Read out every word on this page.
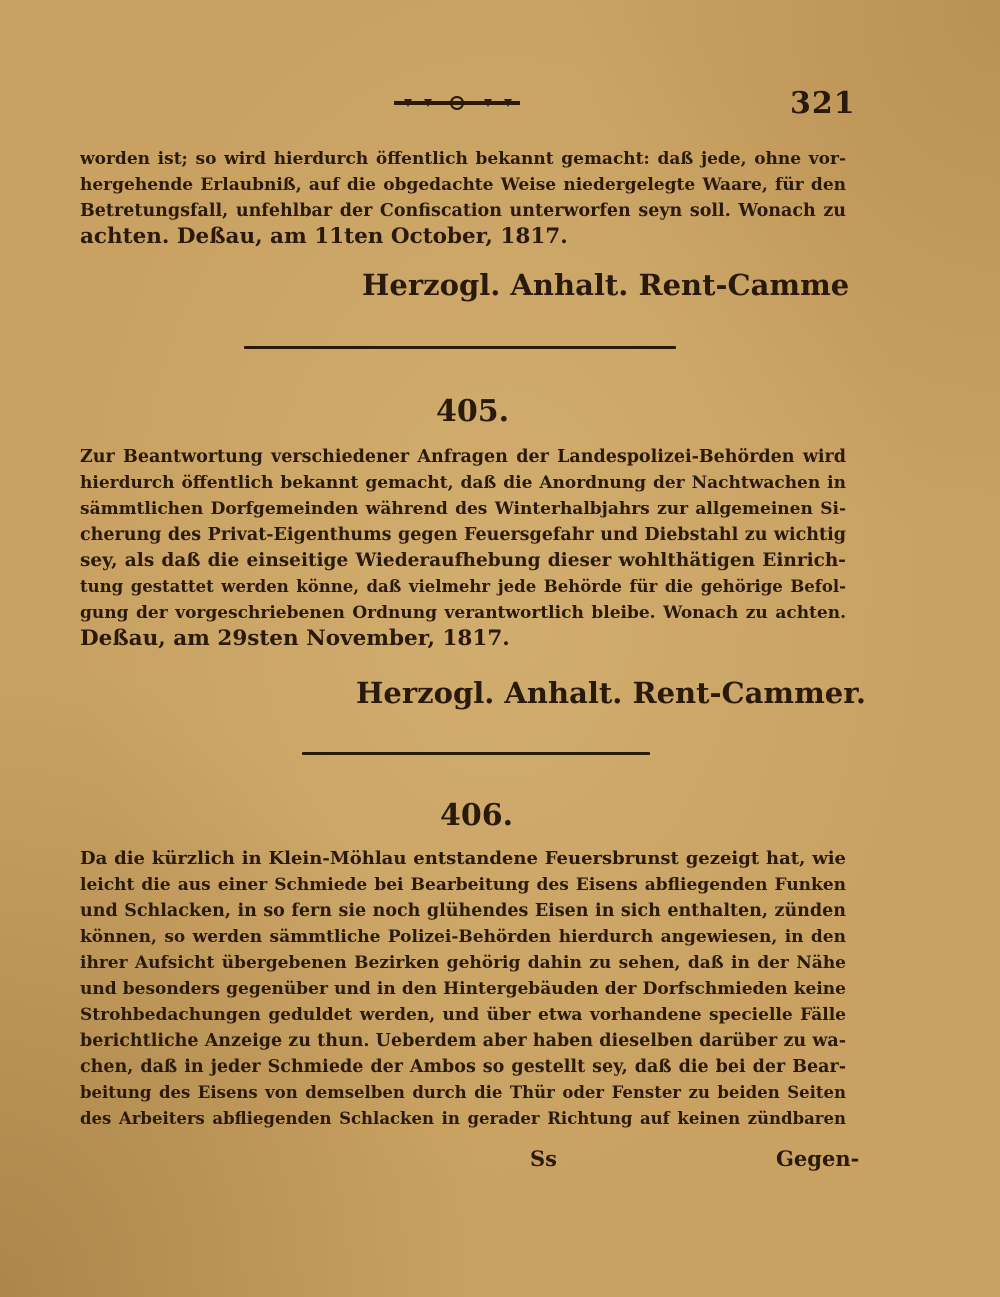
321
worden ist; so wird hierdurch öffentlich bekannt gemacht: daß jede, ohne vor-
hergehende Erlaubniß, auf die obgedachte Weise niedergelegte Waare, für den
Betretungsfall, unfehlbar der Confiscation unterworfen seyn soll. Wonach zu
achten. Deßau, am 11ten October, 1817.
Herzogl. Anhalt. Rent-Camme
405.
Zur Beantwortung verschiedener Anfragen der Landespolizei-Behörden wird
hierdurch öffentlich bekannt gemacht, daß die Anordnung der Nachtwachen in
sämmtlichen Dorfgemeinden während des Winterhalbjahrs zur allgemeinen Si-
cherung des Privat-Eigenthums gegen Feuersgefahr und Diebstahl zu wichtig
sey, als daß die einseitige Wiederaufhebung dieser wohlthätigen Einrich-
tung gestattet werden könne, daß vielmehr jede Behörde für die gehörige Befol-
gung der vorgeschriebenen Ordnung verantwortlich bleibe. Wonach zu achten.
Deßau, am 29sten November, 1817.
Herzogl. Anhalt. Rent-Cammer.
406.
Da die kürzlich in Klein-Möhlau entstandene Feuersbrunst gezeigt hat, wie
leicht die aus einer Schmiede bei Bearbeitung des Eisens abfliegenden Funken
und Schlacken, in so fern sie noch glühendes Eisen in sich enthalten, zünden
können, so werden sämmtliche Polizei-Behörden hierdurch angewiesen, in den
ihrer Aufsicht übergebenen Bezirken gehörig dahin zu sehen, daß in der Nähe
und besonders gegenüber und in den Hintergebäuden der Dorfschmieden keine
Strohbedachungen geduldet werden, und über etwa vorhandene specielle Fälle
berichtliche Anzeige zu thun. Ueberdem aber haben dieselben darüber zu wa-
chen, daß in jeder Schmiede der Ambos so gestellt sey, daß die bei der Bear-
beitung des Eisens von demselben durch die Thür oder Fenster zu beiden Seiten
des Arbeiters abfliegenden Schlacken in gerader Richtung auf keinen zündbaren
Ss	Gegen-
